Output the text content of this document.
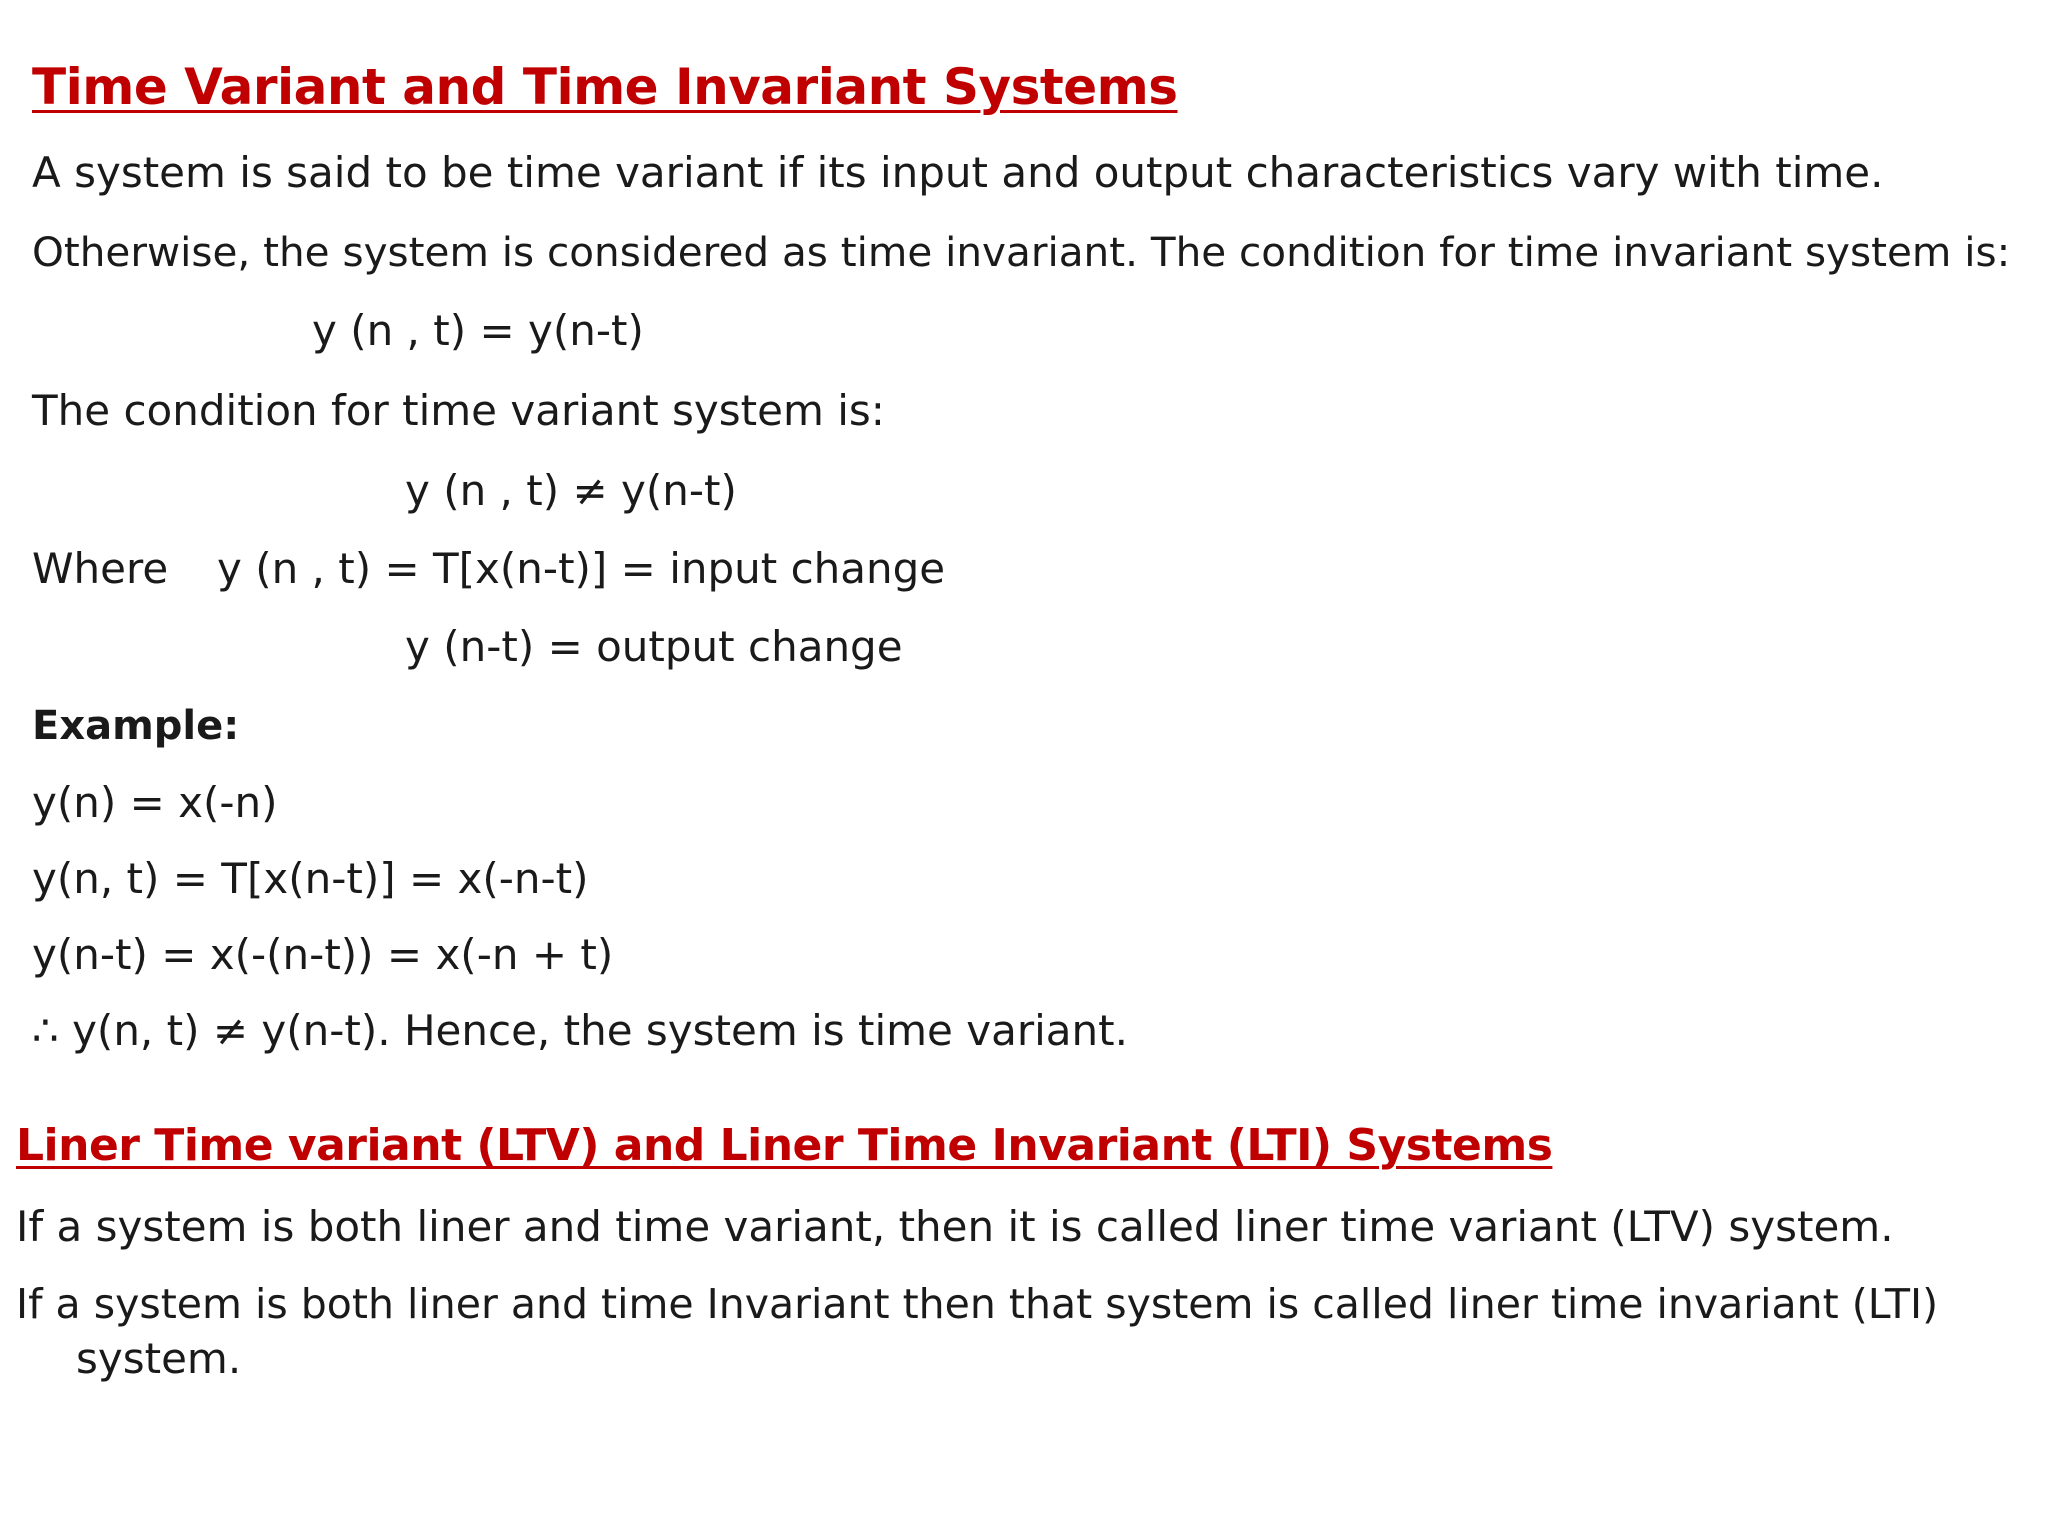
Time Variant and Time Invariant Systems
A system is said to be time variant if its input and output characteristics vary with time.
Otherwise, the system is considered as time invariant. The condition for time invariant system is:
y (n , t) = y(n-t)
The condition for time variant system is:
y (n , t) ≠ y(n-t)
Where y (n , t) = T[x(n-t)] = input change
y (n-t) = output change
Example:
y(n) = x(-n)
y(n, t) = T[x(n-t)] = x(-n-t)
y(n-t) = x(-(n-t)) = x(-n + t)
∴ y(n, t) ≠ y(n-t). Hence, the system is time variant.
Liner Time variant (LTV) and Liner Time Invariant (LTI) Systems
If a system is both liner and time variant, then it is called liner time variant (LTV) system.
If a system is both liner and time Invariant then that system is called liner time invariant (LTI)
system.
